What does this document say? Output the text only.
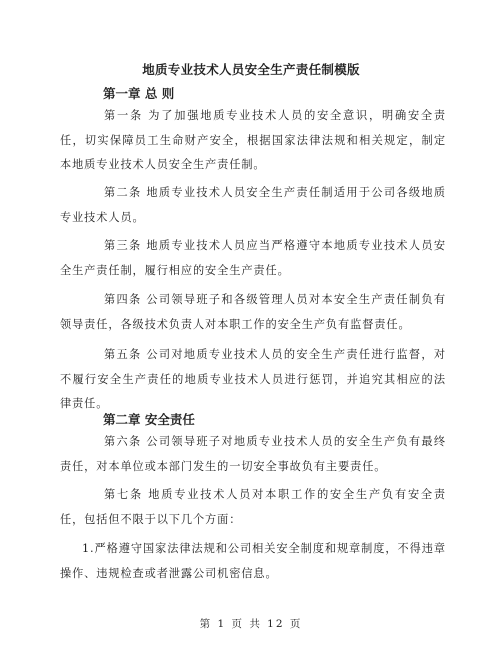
地质专业技术人员安全生产责任制模版
第一章 总 则

第一条 为了加强地质专业技术人员的安全意识，明确安全责任，切实保障员工生命财产安全，根据国家法律法规和相关规定，制定本地质专业技术人员安全生产责任制。

第二条 地质专业技术人员安全生产责任制适用于公司各级地质专业技术人员。

第三条 地质专业技术人员应当严格遵守本地质专业技术人员安全生产责任制，履行相应的安全生产责任。

第四条 公司领导班子和各级管理人员对本安全生产责任制负有领导责任，各级技术负责人对本职工作的安全生产负有监督责任。

第五条 公司对地质专业技术人员的安全生产责任进行监督，对不履行安全生产责任的地质专业技术人员进行惩罚，并追究其相应的法律责任。

第二章 安全责任

第六条 公司领导班子对地质专业技术人员的安全生产负有最终责任，对本单位或本部门发生的一切安全事故负有主要责任。

第七条 地质专业技术人员对本职工作的安全生产负有安全责任，包括但不限于以下几个方面：

1.严格遵守国家法律法规和公司相关安全制度和规章制度，不得违章操作、违规检查或者泄露公司机密信息。

第 1 页 共 12 页
